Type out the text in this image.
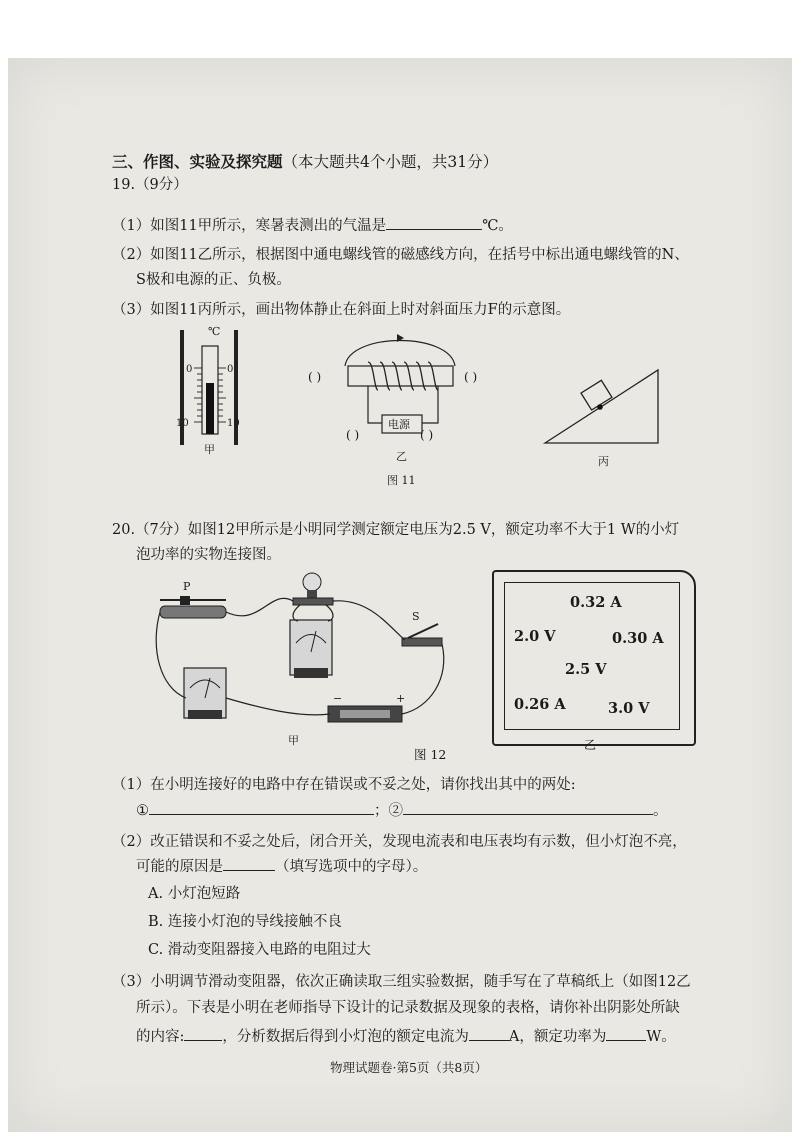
三、作图、实验及探究题（本大题共4个小题，共31分）
19.（9分）
（1）如图11甲所示，寒暑表测出的气温是	℃。
（2）如图11乙所示，根据图中通电螺线管的磁感线方向，在括号中标出通电螺线管的N、
S极和电源的正、负极。
（3）如图11丙所示，画出物体静止在斜面上时对斜面压力F的示意图。
℃
0	0
10	10
甲
( )	( )
电源
( )	( )
乙
图 11
丙
20.（7分）如图12甲所示是小明同学测定额定电压为2.5 V，额定功率不大于1 W的小灯
泡功率的实物连接图。
P
S
−	+
甲
图 12
0.32 A
2.0 V	0.30 A
2.5 V
0.26 A	3.0 V
乙
（1）在小明连接好的电路中存在错误或不妥之处，请你找出其中的两处:
①	；②	。
（2）改正错误和不妥之处后，闭合开关，发现电流表和电压表均有示数，但小灯泡不亮，
可能的原因是	（填写选项中的字母）。
A. 小灯泡短路
B. 连接小灯泡的导线接触不良
C. 滑动变阻器接入电路的电阻过大
（3）小明调节滑动变阻器，依次正确读取三组实验数据，随手写在了草稿纸上（如图12乙
所示）。下表是小明在老师指导下设计的记录数据及现象的表格，请你补出阴影处所缺
的内容:	，分析数据后得到小灯泡的额定电流为	A，额定功率为	W。
物理试题卷·第5页（共8页）
